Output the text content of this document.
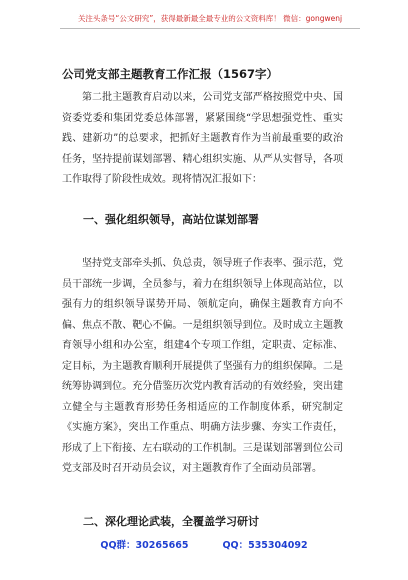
关注头条号“公文研究”，获得最新最全最专业的公文资料库！ 微信：gongwenj
公司党支部主题教育工作汇报（1567字）
第二批主题教育启动以来，公司党支部严格按照党中央、国资委党委和集团党委总体部署，紧紧围绕“学思想强党性、重实践、建新功”的总要求，把抓好主题教育作为当前最重要的政治任务，坚持提前谋划部署、精心组织实施、从严从实督导，各项工作取得了阶段性成效。现将情况汇报如下：
一、强化组织领导，高站位谋划部署
坚持党支部牵头抓、负总责，领导班子作表率、强示范，党员干部统一步调，全员参与，着力在组织领导上体现高站位，以强有力的组织领导谋势开局、领航定向，确保主题教育方向不偏、焦点不散、靶心不偏。一是组织领导到位。及时成立主题教育领导小组和办公室，组建4个专项工作组，定职责、定标准、定目标，为主题教育顺利开展提供了坚强有力的组织保障。二是统筹协调到位。充分借鉴历次党内教育活动的有效经验，突出建立健全与主题教育形势任务相适应的工作制度体系，研究制定《实施方案》，突出工作重点、明确方法步骤、夯实工作责任，形成了上下衔接、左右联动的工作机制。三是谋划部署到位公司党支部及时召开动员会议，对主题教育作了全面动员部署。
二、深化理论武装，全覆盖学习研讨
QQ群：30265665	QQ：535304092
